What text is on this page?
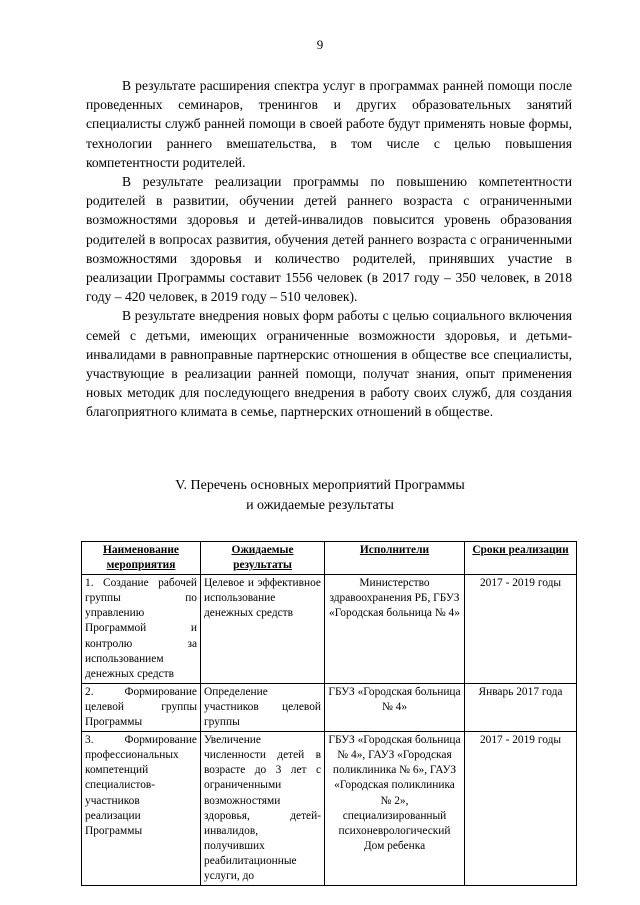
9

В результате расширения спектра услуг в программах ранней помощи после проведенных семинаров, тренингов и других образовательных занятий специалисты служб ранней помощи в своей работе будут применять новые формы, технологии раннего вмешательства, в том числе с целью повышения компетентности родителей.

В результате реализации программы по повышению компетентности родителей в развитии, обучении детей раннего возраста с ограниченными возможностями здоровья и детей-инвалидов повысится уровень образования родителей в вопросах развития, обучения детей раннего возраста с ограниченными возможностями здоровья и количество родителей, принявших участие в реализации Программы составит 1556 человек (в 2017 году – 350 человек, в 2018 году – 420 человек, в 2019 году – 510 человек).

В результате внедрения новых форм работы с целью социального включения семей с детьми, имеющих ограниченные возможности здоровья, и детьми-инвалидами в равноправные партнерскис отношения в обществе все специалисты, участвующие в реализации ранней помощи, получат знания, опыт применения новых методик для последующего внедрения в работу своих служб, для создания благоприятного климата в семье, партнерских отношений в обществе.

V. Перечень основных мероприятий Программы
и ожидаемые результаты
Наименование мероприятия	Ожидаемые результаты	Исполнители	Сроки реализации
1. Создание рабочей группы по управлению Программой и контролю за использованием денежных средств	Целевое и эффективное использование денежных средств	Министерство здравоохранения РБ, ГБУЗ «Городская больница № 4»	2017 - 2019 годы
2. Формирование целевой группы Программы	Определение участников целевой группы	ГБУЗ «Городская больница № 4»	Январь 2017 года
3. Формирование профессиональных компетенций специалистов-участников реализации Программы	Увеличение численности детей в возрасте до 3 лет с ограниченными возможностями здоровья, детей-инвалидов, получивших реабилитационные услуги, до	ГБУЗ «Городская больница № 4», ГАУЗ «Городская поликлиника № 6», ГАУЗ «Городская поликлиника № 2», специализированный психоневрологический Дом ребенка	2017 - 2019 годы
